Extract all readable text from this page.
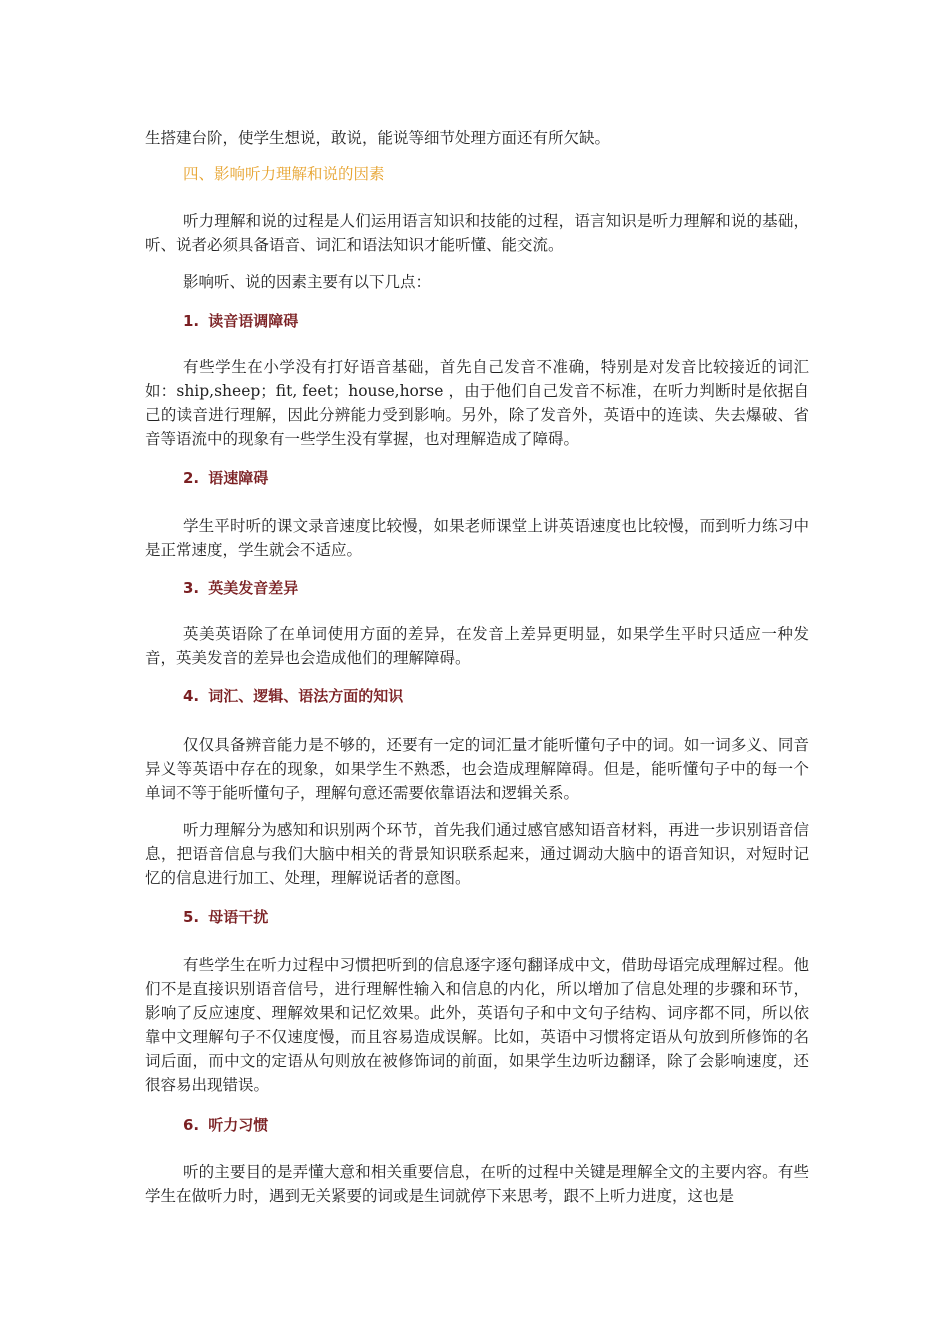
生搭建台阶，使学生想说，敢说，能说等细节处理方面还有所欠缺。

四、影响听力理解和说的因素

听力理解和说的过程是人们运用语言知识和技能的过程，语言知识是听力理解和说的基础，听、说者必须具备语音、词汇和语法知识才能听懂、能交流。

影响听、说的因素主要有以下几点：

1. 读音语调障碍

有些学生在小学没有打好语音基础，首先自己发音不准确，特别是对发音比较接近的词汇如：ship,sheep；fit, feet；house,horse ，由于他们自己发音不标准，在听力判断时是依据自己的读音进行理解，因此分辨能力受到影响。另外，除了发音外，英语中的连读、失去爆破、省音等语流中的现象有一些学生没有掌握，也对理解造成了障碍。

2. 语速障碍

学生平时听的课文录音速度比较慢，如果老师课堂上讲英语速度也比较慢，而到听力练习中是正常速度，学生就会不适应。

3. 英美发音差异

英美英语除了在单词使用方面的差异，在发音上差异更明显，如果学生平时只适应一种发音，英美发音的差异也会造成他们的理解障碍。

4. 词汇、逻辑、语法方面的知识

仅仅具备辨音能力是不够的，还要有一定的词汇量才能听懂句子中的词。如一词多义、同音异义等英语中存在的现象，如果学生不熟悉，也会造成理解障碍。但是，能听懂句子中的每一个单词不等于能听懂句子，理解句意还需要依靠语法和逻辑关系。

听力理解分为感知和识别两个环节，首先我们通过感官感知语音材料，再进一步识别语音信息，把语音信息与我们大脑中相关的背景知识联系起来，通过调动大脑中的语音知识，对短时记忆的信息进行加工、处理，理解说话者的意图。

5. 母语干扰

有些学生在听力过程中习惯把听到的信息逐字逐句翻译成中文，借助母语完成理解过程。他们不是直接识别语音信号，进行理解性输入和信息的内化，所以增加了信息处理的步骤和环节，影响了反应速度、理解效果和记忆效果。此外，英语句子和中文句子结构、词序都不同，所以依靠中文理解句子不仅速度慢，而且容易造成误解。比如，英语中习惯将定语从句放到所修饰的名词后面，而中文的定语从句则放在被修饰词的前面，如果学生边听边翻译，除了会影响速度，还很容易出现错误。

6. 听力习惯

听的主要目的是弄懂大意和相关重要信息，在听的过程中关键是理解全文的主要内容。有些学生在做听力时，遇到无关紧要的词或是生词就停下来思考，跟不上听力进度，这也是
